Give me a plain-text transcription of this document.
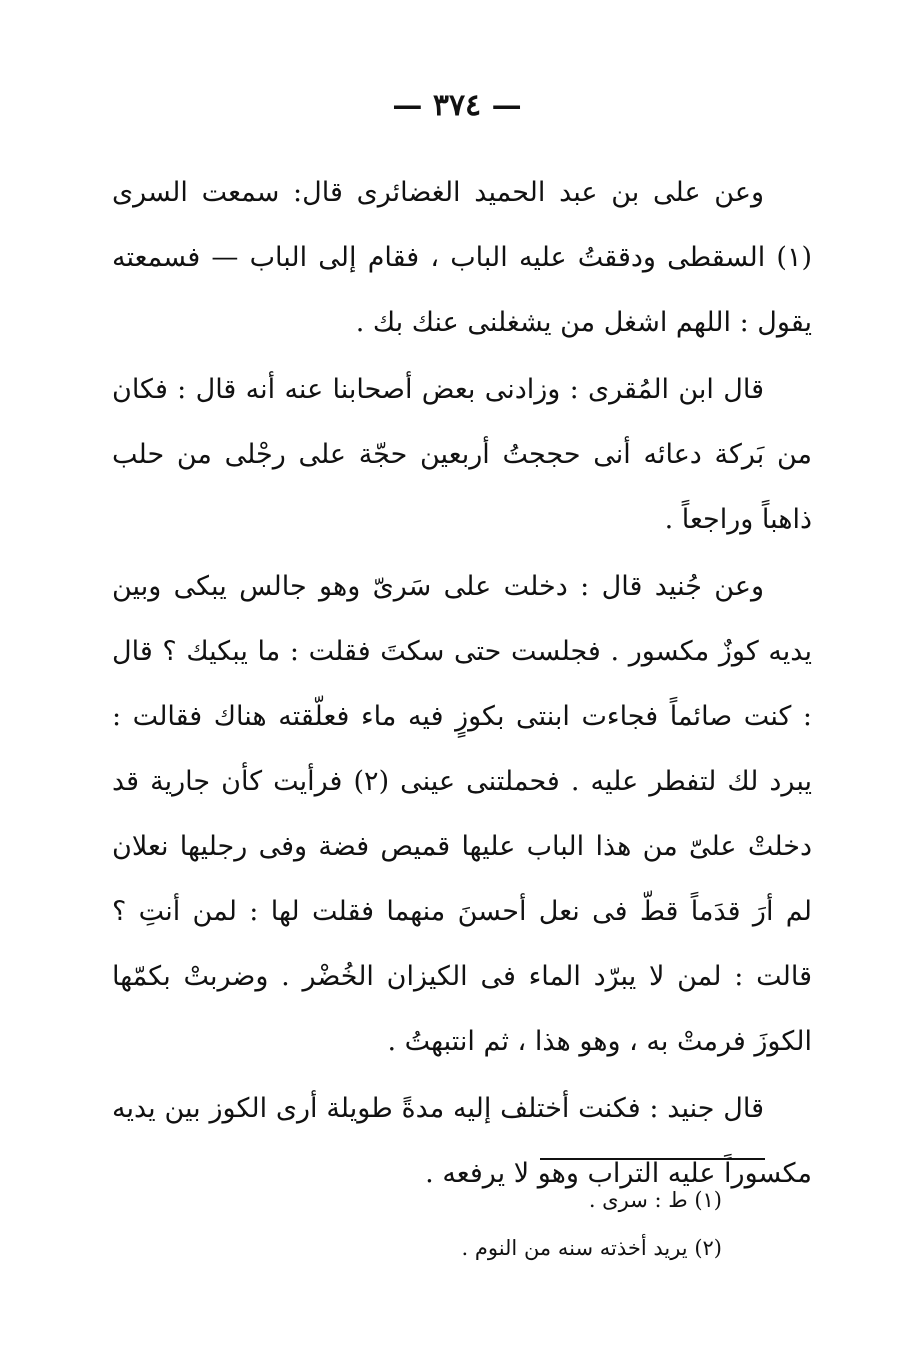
— ٣٧٤ —

وعن على بن عبد الحميد الغضائرى قال: سمعت السرى (١) السقطى ودققتُ عليه الباب ، فقام إلى الباب — فسمعته يقول : اللهم اشغل من يشغلنى عنك بك .

قال ابن المُقرى : وزادنى بعض أصحابنا عنه أنه قال : فكان من بَركة دعائه أنى حججتُ أربعين حجّة على رجْلى من حلب ذاهباً وراجعاً .

وعن جُنيد قال : دخلت على سَرىّ وهو جالس يبكى وبين يديه كوزٌ مكسور . فجلست حتى سكتَ فقلت : ما يبكيك ؟ قال : كنت صائماً فجاءت ابنتى بكوزٍ فيه ماء فعلّقته هناك فقالت : يبرد لك لتفطر عليه . فحملتنى عينى (٢) فرأيت كأن جارية قد دخلتْ علىّ من هذا الباب عليها قميص فضة وفى رجليها نعلان لم أرَ قدَماً قطّ فى نعل أحسنَ منهما فقلت لها : لمن أنتِ ؟ قالت : لمن لا يبرّد الماء فى الكيزان الخُضْر . وضربتْ بكمّها الكوزَ فرمتْ به ، وهو هذا ، ثم انتبهتُ .

قال جنيد : فكنت أختلف إليه مدةً طويلة أرى الكوز بين يديه مكسوراً عليه التراب وهو لا يرفعه .

(١) ط : سرى .

(٢) يريد أخذته سنه من النوم .
